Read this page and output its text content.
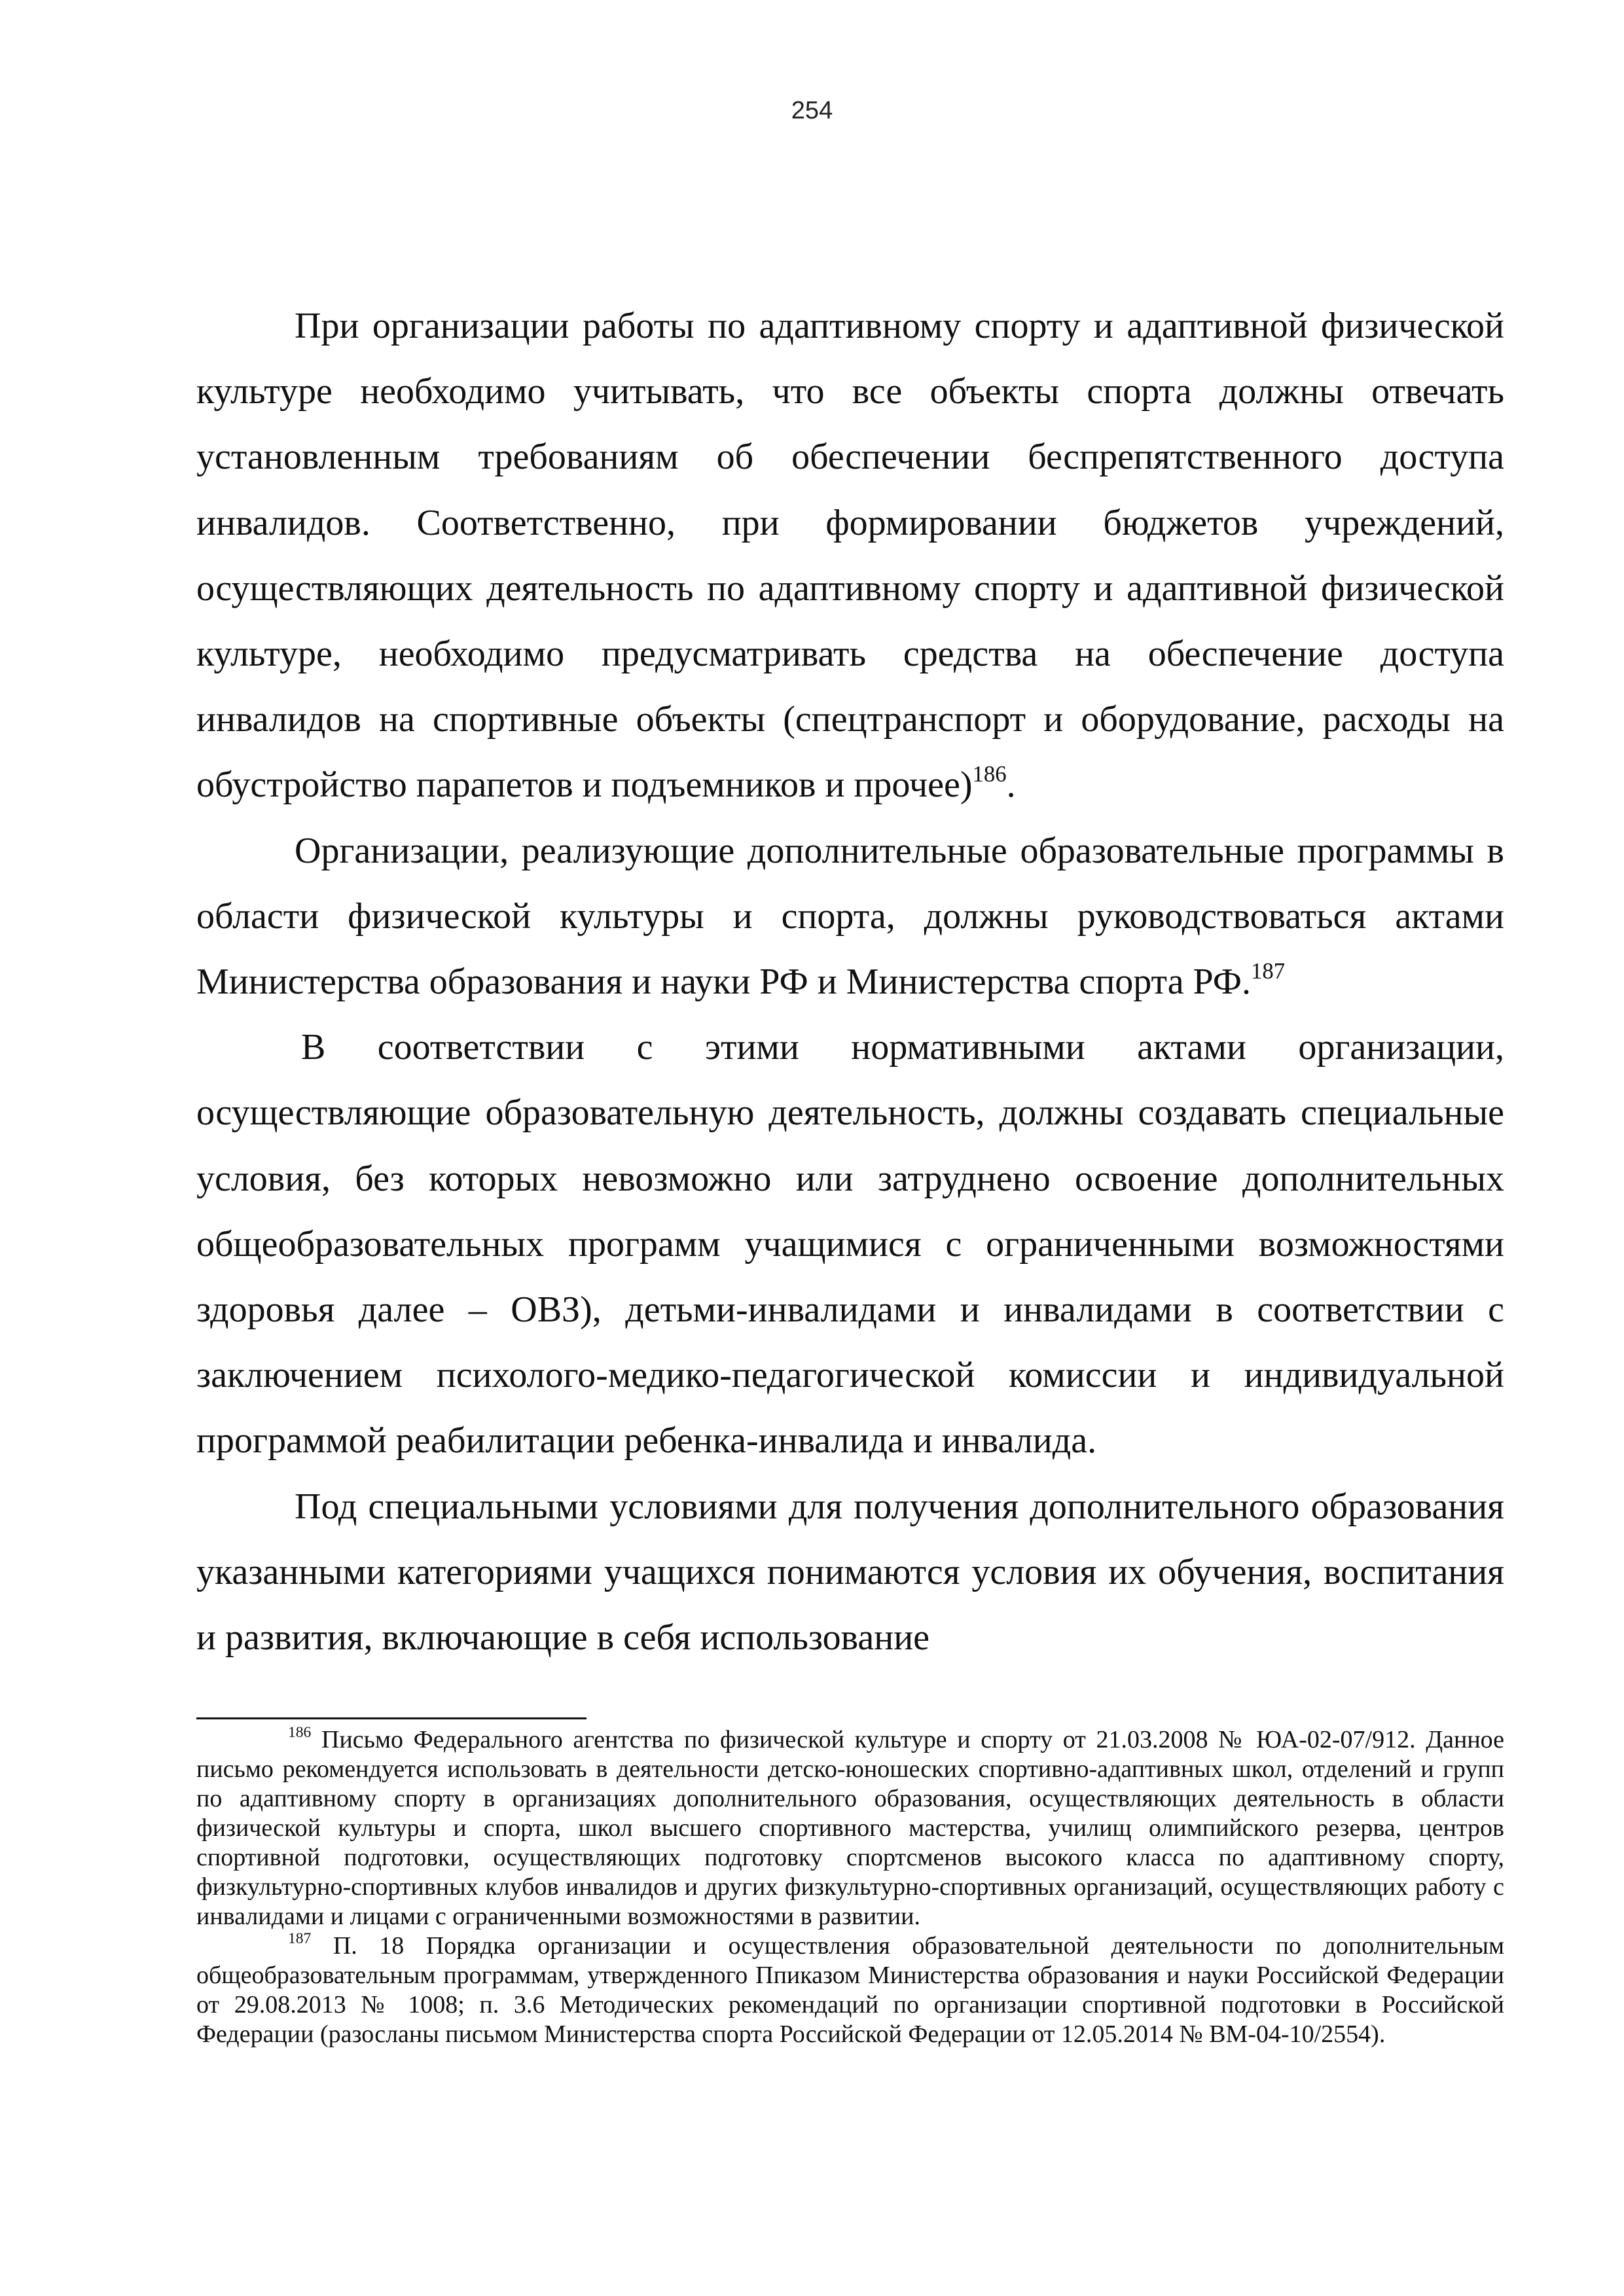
254

При организации работы по адаптивному спорту и адаптивной физической культуре необходимо учитывать, что все объекты спорта должны отвечать установленным требованиям об обеспечении беспрепятственного доступа инвалидов. Соответственно, при формировании бюджетов учреждений, осуществляющих деятельность по адаптивному спорту и адаптивной физической культуре, необходимо предусматривать средства на обеспечение доступа инвалидов на спортивные объекты (спецтранспорт и оборудование, расходы на обустройство парапетов и подъемников и прочее)$^{186}$.

Организации, реализующие дополнительные образовательные программы в области физической культуры и спорта, должны руководствоваться актами Министерства образования и науки РФ и Министерства спорта РФ.$^{187}$

В соответствии с этими нормативными актами организации, осуществляющие образовательную деятельность, должны создавать специальные условия, без которых невозможно или затруднено освоение дополнительных общеобразовательных программ учащимися с ограниченными возможностями здоровья далее – ОВЗ), детьми-инвалидами и инвалидами в соответствии с заключением психолого-медико-педагогической комиссии и индивидуальной программой реабилитации ребенка-инвалида и инвалида.

Под специальными условиями для получения дополнительного образования указанными категориями учащихся понимаются условия их обучения, воспитания и развития, включающие в себя использование

$^{186}$ Письмо Федерального агентства по физической культуре и спорту от 21.03.2008 № ЮА-02-07/912. Данное письмо рекомендуется использовать в деятельности детско-юношеских спортивно-адаптивных школ, отделений и групп по адаптивному спорту в организациях дополнительного образования, осуществляющих деятельность в области физической культуры и спорта, школ высшего спортивного мастерства, училищ олимпийского резерва, центров спортивной подготовки, осуществляющих подготовку спортсменов высокого класса по адаптивному спорту, физкультурно-спортивных клубов инвалидов и других физкультурно-спортивных организаций, осуществляющих работу с инвалидами и лицами с ограниченными возможностями в развитии.

$^{187}$ П. 18 Порядка организации и осуществления образовательной деятельности по дополнительным общеобразовательным программам, утвержденного Ппиказом Министерства образования и науки Российской Федерации от 29.08.2013 № 1008; п. 3.6 Методических рекомендаций по организации спортивной подготовки в Российской Федерации (разосланы письмом Министерства спорта Российской Федерации от 12.05.2014 № ВМ-04-10/2554).
